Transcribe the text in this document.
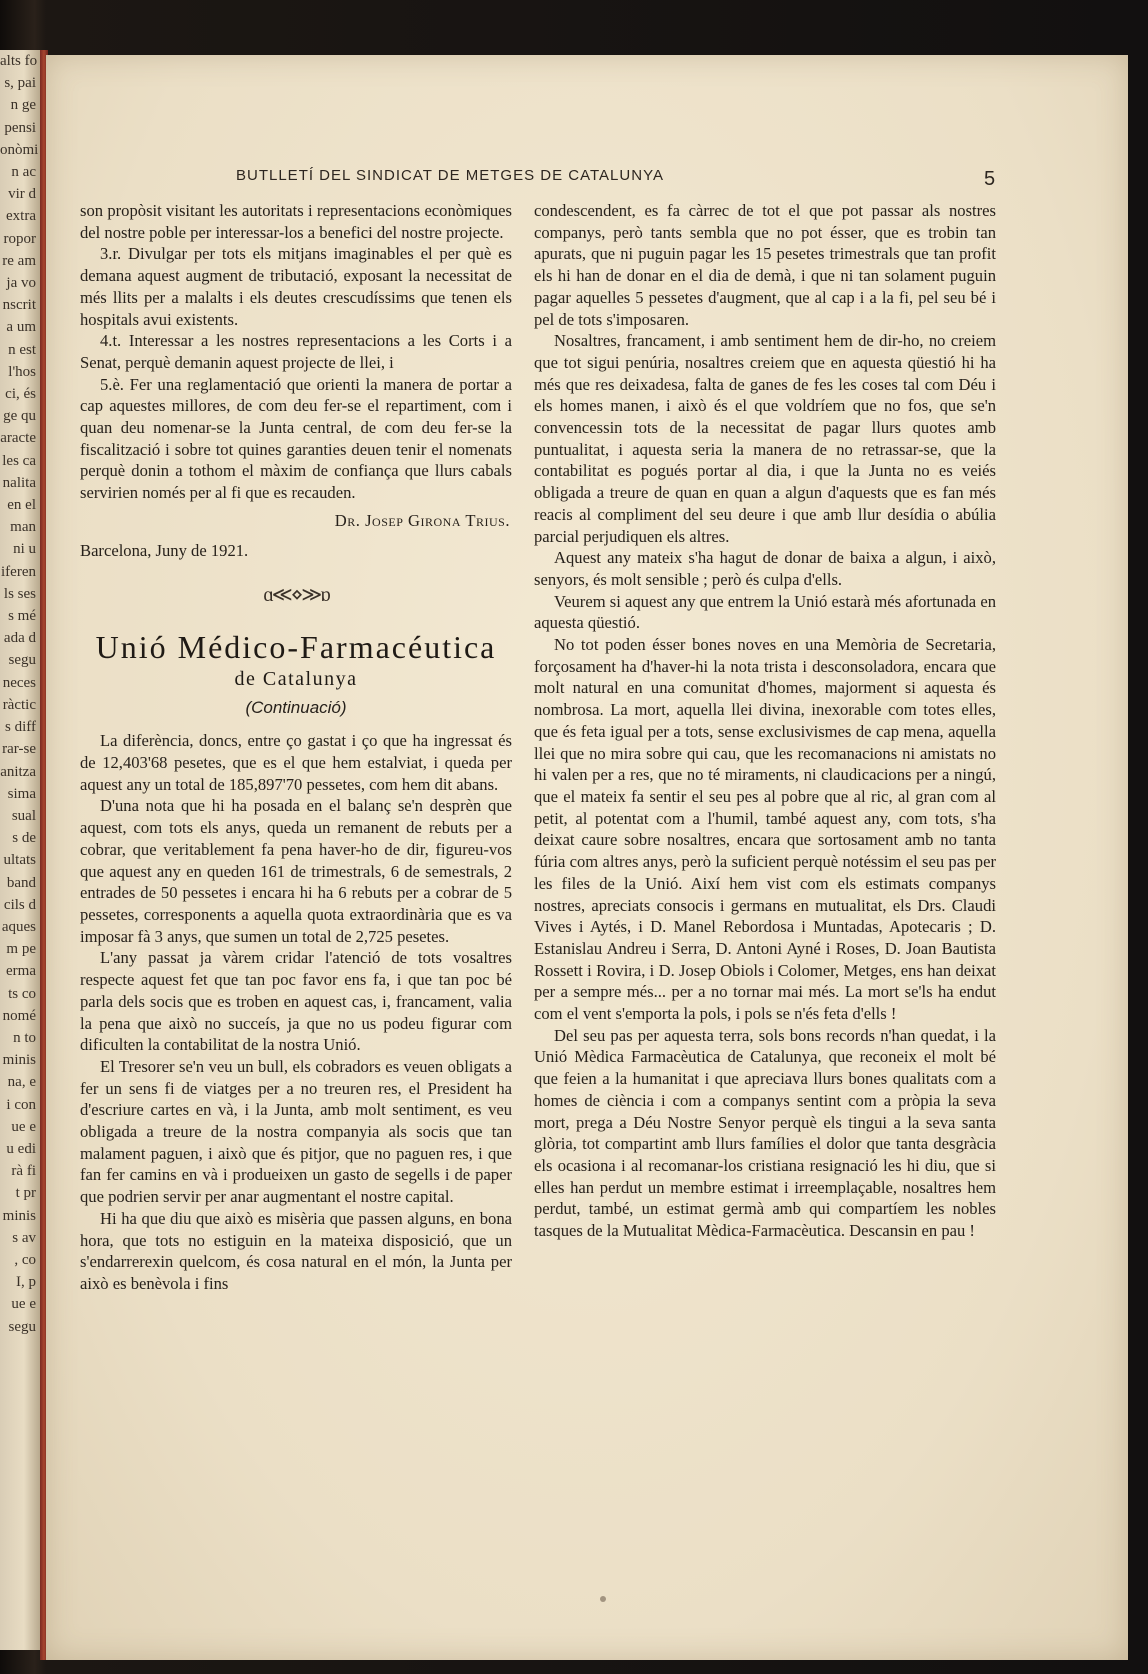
alts fo
s, pai
n ge
pensi
onòmi
n ac
vir d
extra
ropor
re am
ja vo
nscrit
a um
n est
l'hos
ci, és
ge qu
aracte
les ca
nalita
en el
man
ni u
iferen
ls ses
s mé
ada d
segu
neces
ràctic
s diff
rar-se
anitza
sima
sual
s de
ultats
band
cils d
aques
m pe
erma
ts co
nomé
n to
minis
na, e
i con
ue e
u edi
rà fi
t pr
minis
s av
, co
I, p
ue e
segu
BUTLLETÍ DEL SINDICAT DE METGES DE CATALUNYA	5

son propòsit visitant les autoritats i representacions econòmiques del nostre poble per interessar-los a benefici del nostre projecte.

3.r. Divulgar per tots els mitjans imaginables el per què es demana aquest augment de tributació, exposant la necessitat de més llits per a malalts i els deutes crescudíssims que tenen els hospitals avui existents.

4.t. Interessar a les nostres representacions a les Corts i a Senat, perquè demanin aquest projecte de llei, i

5.è. Fer una reglamentació que orienti la manera de portar a cap aquestes millores, de com deu fer-se el repartiment, com i quan deu nomenar-se la Junta central, de com deu fer-se la fiscalització i sobre tot quines garanties deuen tenir el nomenats perquè donin a tothom el màxim de confiança que llurs cabals servirien només per al fi que es recauden.

Dr. Josep Girona Trius.
Barcelona, Juny de 1921.
ɑ≪⋄≫ɒ
Unió Médico-Farmacéutica
de Catalunya
(Continuació)

La diferència, doncs, entre ço gastat i ço que ha ingressat és de 12,403'68 pesetes, que es el que hem estalviat, i queda per aquest any un total de 185,897'70 pessetes, com hem dit abans.

D'una nota que hi ha posada en el balanç se'n desprèn que aquest, com tots els anys, queda un remanent de rebuts per a cobrar, que veritablement fa pena haver-ho de dir, figureu-vos que aquest any en queden 161 de trimestrals, 6 de semestrals, 2 entrades de 50 pessetes i encara hi ha 6 rebuts per a cobrar de 5 pessetes, corresponents a aquella quota extraordinària que es va imposar fà 3 anys, que sumen un total de 2,725 pesetes.

L'any passat ja vàrem cridar l'atenció de tots vosaltres respecte aquest fet que tan poc favor ens fa, i que tan poc bé parla dels socis que es troben en aquest cas, i, francament, valia la pena que això no succeís, ja que no us podeu figurar com dificulten la contabilitat de la nostra Unió.

El Tresorer se'n veu un bull, els cobradors es veuen obligats a fer un sens fi de viatges per a no treuren res, el President ha d'escriure cartes en và, i la Junta, amb molt sentiment, es veu obligada a treure de la nostra companyia als socis que tan malament paguen, i això que és pitjor, que no paguen res, i que fan fer camins en và i produeixen un gasto de segells i de paper que podrien servir per anar augmentant el nostre capital.

Hi ha que diu que això es misèria que passen alguns, en bona hora, que tots no estiguin en la mateixa disposició, que un s'endarrerexin quelcom, és cosa natural en el món, la Junta per això es benèvola i fins

condescendent, es fa càrrec de tot el que pot passar als nostres companys, però tants sembla que no pot ésser, que es trobin tan apurats, que ni puguin pagar les 15 pesetes trimestrals que tan profit els hi han de donar en el dia de demà, i que ni tan solament puguin pagar aquelles 5 pessetes d'augment, que al cap i a la fi, pel seu bé i pel de tots s'imposaren.

Nosaltres, francament, i amb sentiment hem de dir-ho, no creiem que tot sigui penúria, nosaltres creiem que en aquesta qüestió hi ha més que res deixadesa, falta de ganes de fes les coses tal com Déu i els homes manen, i això és el que voldríem que no fos, que se'n convencessin tots de la necessitat de pagar llurs quotes amb puntualitat, i aquesta seria la manera de no retrassar-se, que la contabilitat es pogués portar al dia, i que la Junta no es veiés obligada a treure de quan en quan a algun d'aquests que es fan més reacis al compliment del seu deure i que amb llur desídia o abúlia parcial perjudiquen els altres.

Aquest any mateix s'ha hagut de donar de baixa a algun, i això, senyors, és molt sensible ; però és culpa d'ells.

Veurem si aquest any que entrem la Unió estarà més afortunada en aquesta qüestió.

No tot poden ésser bones noves en una Memòria de Secretaria, forçosament ha d'haver-hi la nota trista i desconsoladora, encara que molt natural en una comunitat d'homes, majorment si aquesta és nombrosa. La mort, aquella llei divina, inexorable com totes elles, que és feta igual per a tots, sense exclusivismes de cap mena, aquella llei que no mira sobre qui cau, que les recomanacions ni amistats no hi valen per a res, que no té miraments, ni claudicacions per a ningú, que el mateix fa sentir el seu pes al pobre que al ric, al gran com al petit, al potentat com a l'humil, també aquest any, com tots, s'ha deixat caure sobre nosaltres, encara que sortosament amb no tanta fúria com altres anys, però la suficient perquè notéssim el seu pas per les files de la Unió. Així hem vist com els estimats companys nostres, apreciats consocis i germans en mutualitat, els Drs. Claudi Vives i Aytés, i D. Manel Rebordosa i Muntadas, Apotecaris ; D. Estanislau Andreu i Serra, D. Antoni Ayné i Roses, D. Joan Bautista Rossett i Rovira, i D. Josep Obiols i Colomer, Metges, ens han deixat per a sempre més... per a no tornar mai més. La mort se'ls ha endut com el vent s'emporta la pols, i pols se n'és feta d'ells !

Del seu pas per aquesta terra, sols bons records n'han quedat, i la Unió Mèdica Farmacèutica de Catalunya, que reconeix el molt bé que feien a la humanitat i que apreciava llurs bones qualitats com a homes de ciència i com a companys sentint com a pròpia la seva mort, prega a Déu Nostre Senyor perquè els tingui a la seva santa glòria, tot compartint amb llurs famílies el dolor que tanta desgràcia els ocasiona i al recomanar-los cristiana resignació les hi diu, que si elles han perdut un membre estimat i irreemplaçable, nosaltres hem perdut, també, un estimat germà amb qui compartíem les nobles tasques de la Mutualitat Mèdica-Farmacèutica. Descansin en pau !
